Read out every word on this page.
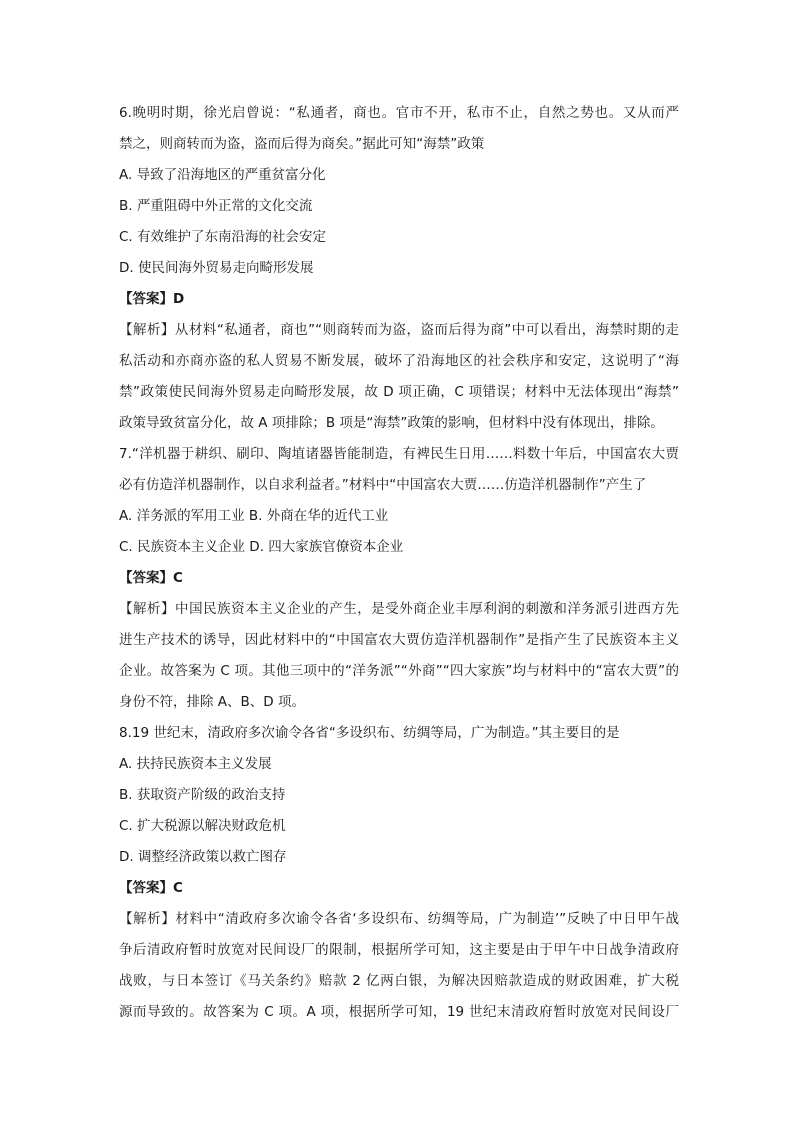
6.晚明时期，徐光启曾说：“私通者，商也。官市不开，私市不止，自然之势也。又从而严
禁之，则商转而为盗，盗而后得为商矣。”据此可知“海禁”政策
A. 导致了沿海地区的严重贫富分化
B. 严重阻碍中外正常的文化交流
C. 有效维护了东南沿海的社会安定
D. 使民间海外贸易走向畸形发展
【答案】D
【解析】从材料“私通者，商也”“则商转而为盗，盗而后得为商”中可以看出，海禁时期的走
私活动和亦商亦盗的私人贸易不断发展，破坏了沿海地区的社会秩序和安定，这说明了“海
禁”政策使民间海外贸易走向畸形发展，故 D 项正确，C 项错误；材料中无法体现出“海禁”
政策导致贫富分化，故 A 项排除；B 项是“海禁”政策的影响，但材料中没有体现出，排除。
7.“洋机器于耕织、刷印、陶埴诸器皆能制造，有裨民生日用……料数十年后，中国富农大贾
必有仿造洋机器制作，以自求利益者。”材料中“中国富农大贾……仿造洋机器制作”产生了
A. 洋务派的军用工业 B. 外商在华的近代工业
C. 民族资本主义企业 D. 四大家族官僚资本企业
【答案】C
【解析】中国民族资本主义企业的产生，是受外商企业丰厚利润的刺激和洋务派引进西方先
进生产技术的诱导，因此材料中的“中国富农大贾仿造洋机器制作”是指产生了民族资本主义
企业。故答案为 C 项。其他三项中的“洋务派”“外商”“四大家族”均与材料中的“富农大贾”的
身份不符，排除 A、B、D 项。
8.19 世纪末，清政府多次谕令各省“多设织布、纺绸等局，广为制造。”其主要目的是
A. 扶持民族资本主义发展
B. 获取资产阶级的政治支持
C. 扩大税源以解决财政危机
D. 调整经济政策以救亡图存
【答案】C
【解析】材料中“清政府多次谕令各省‘多设织布、纺绸等局，广为制造’”反映了中日甲午战
争后清政府暂时放宽对民间设厂的限制，根据所学可知，这主要是由于甲午中日战争清政府
战败，与日本签订《马关条约》赔款 2 亿两白银，为解决因赔款造成的财政困难，扩大税
源而导致的。故答案为 C 项。A 项，根据所学可知，19 世纪末清政府暂时放宽对民间设厂
